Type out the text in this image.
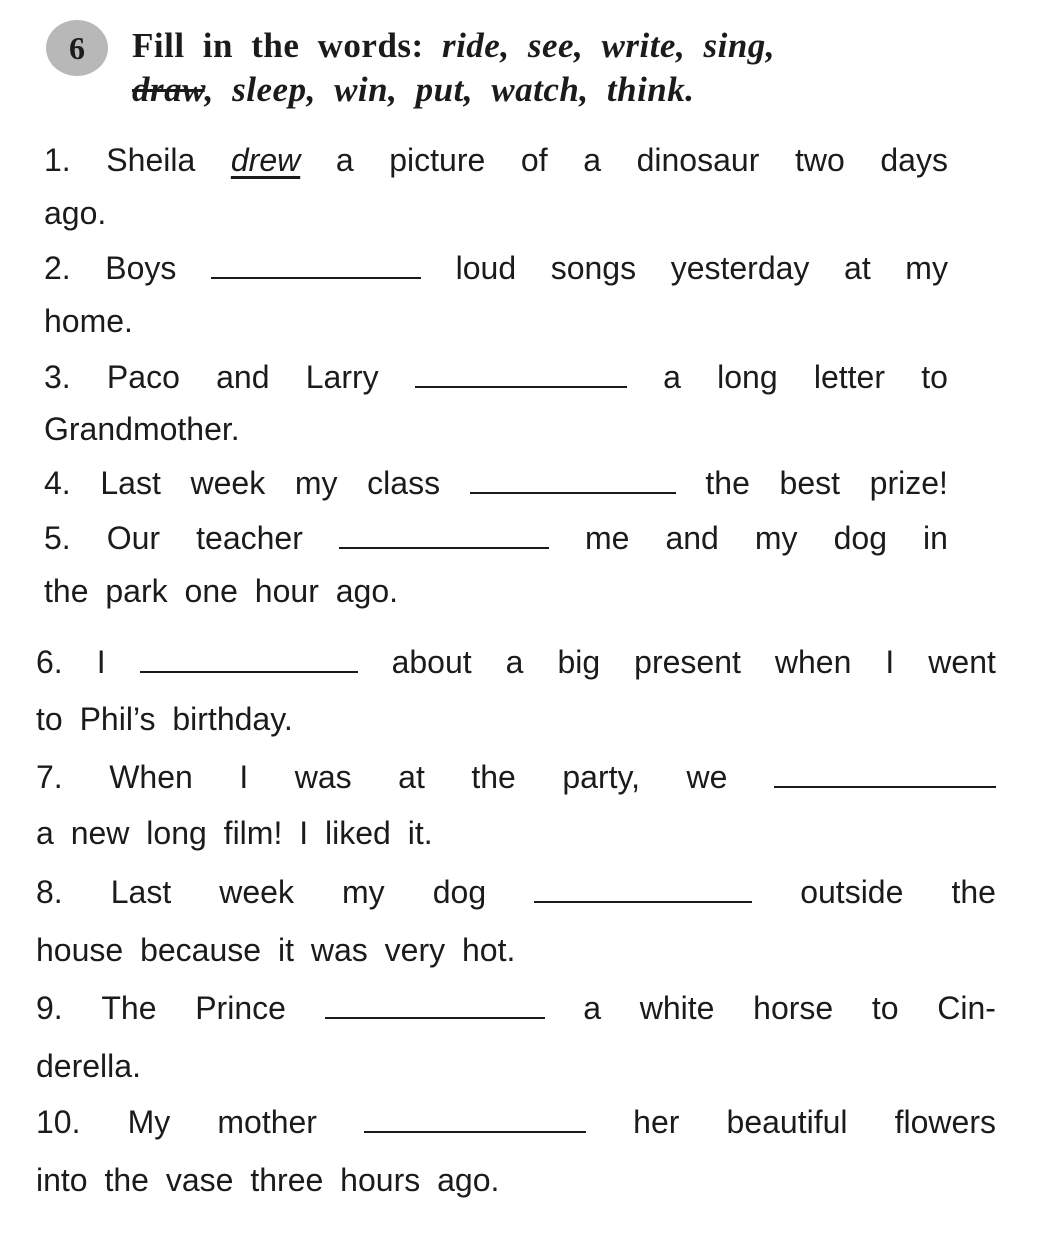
6 Fill in the words: ride, see, write, sing,
draw, sleep, win, put, watch, think.
1. Sheila drew a picture of a dinosaur two days
ago.
2. Boys	loud songs yesterday at my
home.
3. Paco and Larry	a long letter to
Grandmother.
4. Last week my class	the best prize!
5. Our teacher	me and my dog in
the park one hour ago.
6. I	about a big present when I went
to Phil’s birthday.
7. When I was at the party, we
a new long film! I liked it.
8. Last week my dog	outside the
house because it was very hot.
9. The Prince	a white horse to Cin-
derella.
10. My mother	her beautiful flowers
into the vase three hours ago.
